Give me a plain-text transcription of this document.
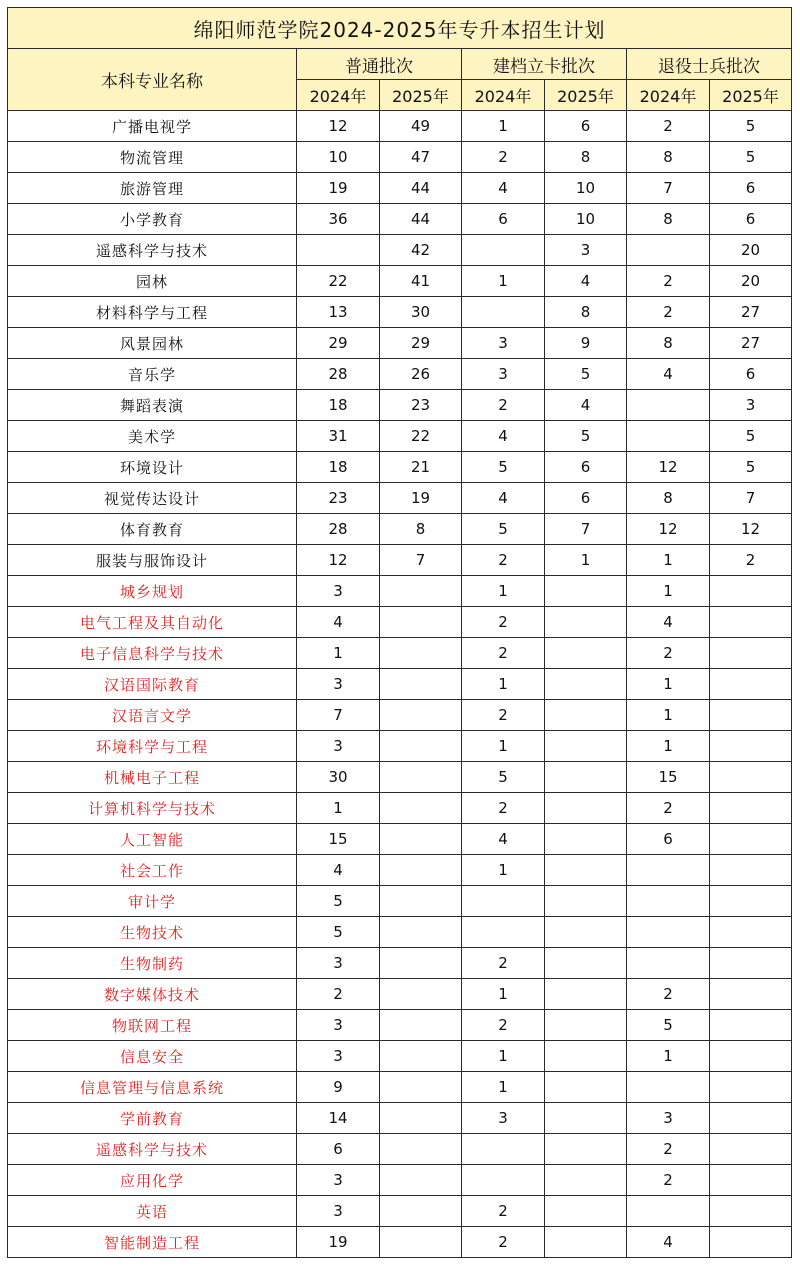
绵阳师范学院2024-2025年专升本招生计划						
本科专业名称	普通批次		建档立卡批次		退役士兵批次	
	2024年	2025年	2024年	2025年	2024年	2025年
广播电视学	12	49	1	6	2	5
物流管理	10	47	2	8	8	5
旅游管理	19	44	4	10	7	6
小学教育	36	44	6	10	8	6
遥感科学与技术		42		3		20
园林	22	41	1	4	2	20
材料科学与工程	13	30		8	2	27
风景园林	29	29	3	9	8	27
音乐学	28	26	3	5	4	6
舞蹈表演	18	23	2	4		3
美术学	31	22	4	5		5
环境设计	18	21	5	6	12	5
视觉传达设计	23	19	4	6	8	7
体育教育	28	8	5	7	12	12
服装与服饰设计	12	7	2	1	1	2
城乡规划	3		1		1	
电气工程及其自动化	4		2		4	
电子信息科学与技术	1		2		2	
汉语国际教育	3		1		1	
汉语言文学	7		2		1	
环境科学与工程	3		1		1	
机械电子工程	30		5		15	
计算机科学与技术	1		2		2	
人工智能	15		4		6	
社会工作	4		1			
审计学	5					
生物技术	5					
生物制药	3		2			
数字媒体技术	2		1		2	
物联网工程	3		2		5	
信息安全	3		1		1	
信息管理与信息系统	9		1			
学前教育	14		3		3	
遥感科学与技术	6				2	
应用化学	3				2	
英语	3		2			
智能制造工程	19		2		4	
